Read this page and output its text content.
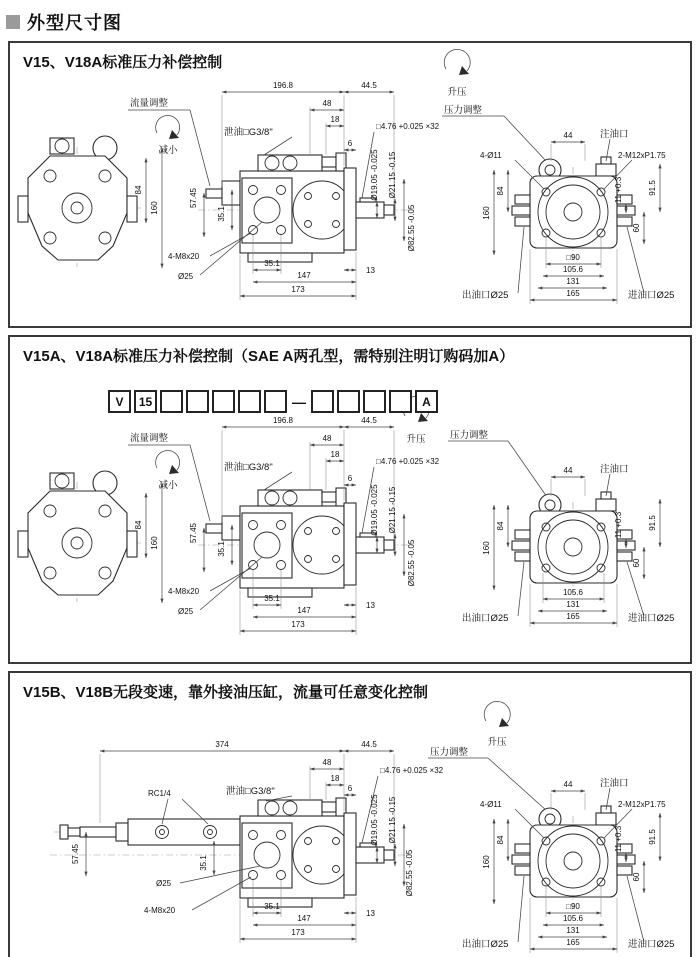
外型尺寸图
V15、V18A标准压力补偿控制
升压
压力调整
流量调整
减小
84
160
196.8	44.5
48
18
6
泄油□G3/8"
□4.76 +0.025 ×32
Ø19.05 -0.025 Ø21.15 -0.15
Ø82.55 -0.05
57.45
35.1
35.1
13
147
173
4-M8x20
Ø25
44	注油口
4-Ø11	2-M12xP1.75
84
160
91.5
60
11 +0.3
□90
105.6
131
165
出油口Ø25	进油口Ø25
V15A、V18A标准压力补偿控制（SAE A两孔型，需特别注明订购码加A）
V	15	—	A
升压	压力调整
流量调整
减小
84
160
196.8	44.5
48
18
6
泄油□G3/8"
□4.76 +0.025 ×32
Ø19.05 -0.025 Ø21.15 -0.15
Ø82.55 -0.05
57.45
35.1
35.1
13
147
173
4-M8x20
Ø25
44	注油口
84
160
91.5
60
11 +0.3
105.6
131
165
出油口Ø25	进油口Ø25
V15B、V18B无段变速，靠外接油压缸，流量可任意变化控制
升压
压力调整
RC1/4
374	44.5
48
18
6
泄油□G3/8"
□4.76 +0.025 ×32
Ø19.05 -0.025 Ø21.15 -0.15
Ø82.55 -0.05
57.45	35.1
35.1
13
147
173
Ø25
4-M8x20
44	注油口
4-Ø11	2-M12xP1.75
84
160
91.5
60
11 +0.3
□90
105.6
131
165
出油口Ø25	进油口Ø25
